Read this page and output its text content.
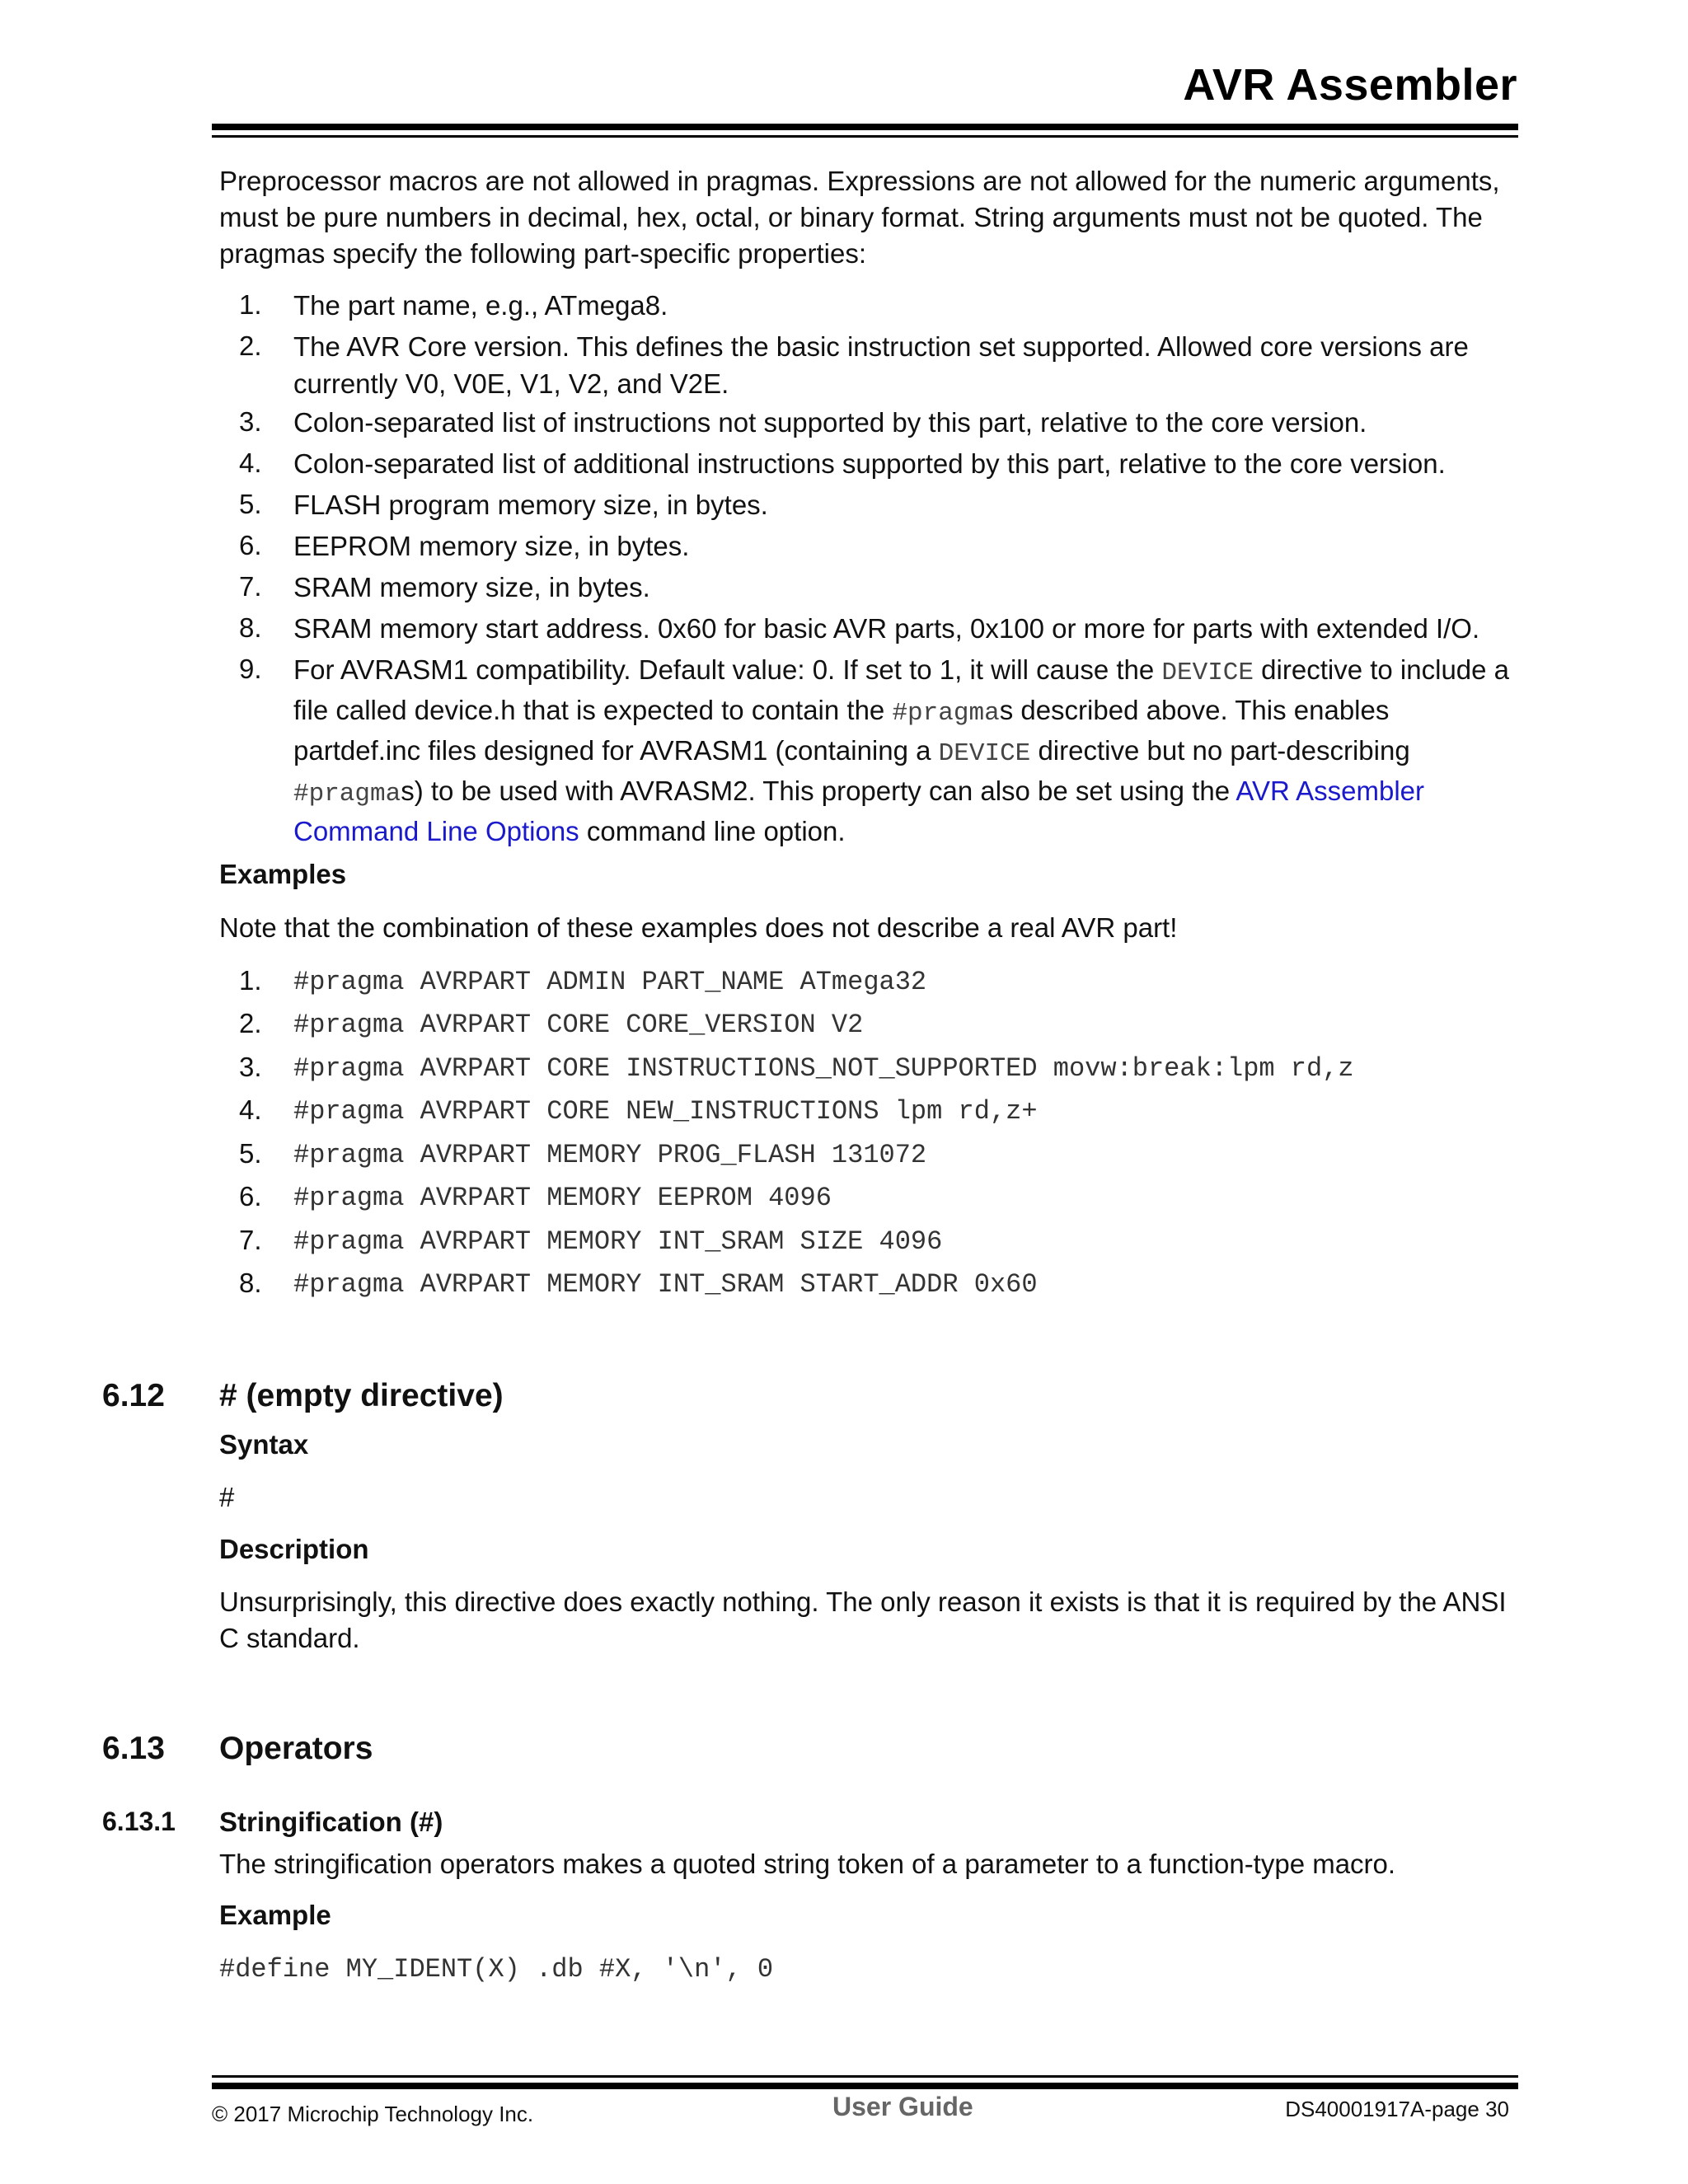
AVR Assembler
Preprocessor macros are not allowed in pragmas. Expressions are not allowed for the numeric arguments, must be pure numbers in decimal, hex, octal, or binary format. String arguments must not be quoted. The pragmas specify the following part-specific properties:
1. The part name, e.g., ATmega8.
2. The AVR Core version. This defines the basic instruction set supported. Allowed core versions are currently V0, V0E, V1, V2, and V2E.
3. Colon-separated list of instructions not supported by this part, relative to the core version.
4. Colon-separated list of additional instructions supported by this part, relative to the core version.
5. FLASH program memory size, in bytes.
6. EEPROM memory size, in bytes.
7. SRAM memory size, in bytes.
8. SRAM memory start address. 0x60 for basic AVR parts, 0x100 or more for parts with extended I/O.
9. For AVRASM1 compatibility. Default value: 0. If set to 1, it will cause the DEVICE directive to include a file called device.h that is expected to contain the #pragmas described above. This enables partdef.inc files designed for AVRASM1 (containing a DEVICE directive but no part-describing #pragmas) to be used with AVRASM2. This property can also be set using the AVR Assembler Command Line Options command line option.
Examples
Note that the combination of these examples does not describe a real AVR part!
1. #pragma AVRPART ADMIN PART_NAME ATmega32
2. #pragma AVRPART CORE CORE_VERSION V2
3. #pragma AVRPART CORE INSTRUCTIONS_NOT_SUPPORTED movw:break:lpm rd,z
4. #pragma AVRPART CORE NEW_INSTRUCTIONS lpm rd,z+
5. #pragma AVRPART MEMORY PROG_FLASH 131072
6. #pragma AVRPART MEMORY EEPROM 4096
7. #pragma AVRPART MEMORY INT_SRAM SIZE 4096
8. #pragma AVRPART MEMORY INT_SRAM START_ADDR 0x60
6.12 # (empty directive)
Syntax
#
Description
Unsurprisingly, this directive does exactly nothing. The only reason it exists is that it is required by the ANSI C standard.
6.13 Operators
6.13.1 Stringification (#)
The stringification operators makes a quoted string token of a parameter to a function-type macro.
Example
#define MY_IDENT(X) .db #X, '\n', 0
© 2017 Microchip Technology Inc.	User Guide	DS40001917A-page 30
